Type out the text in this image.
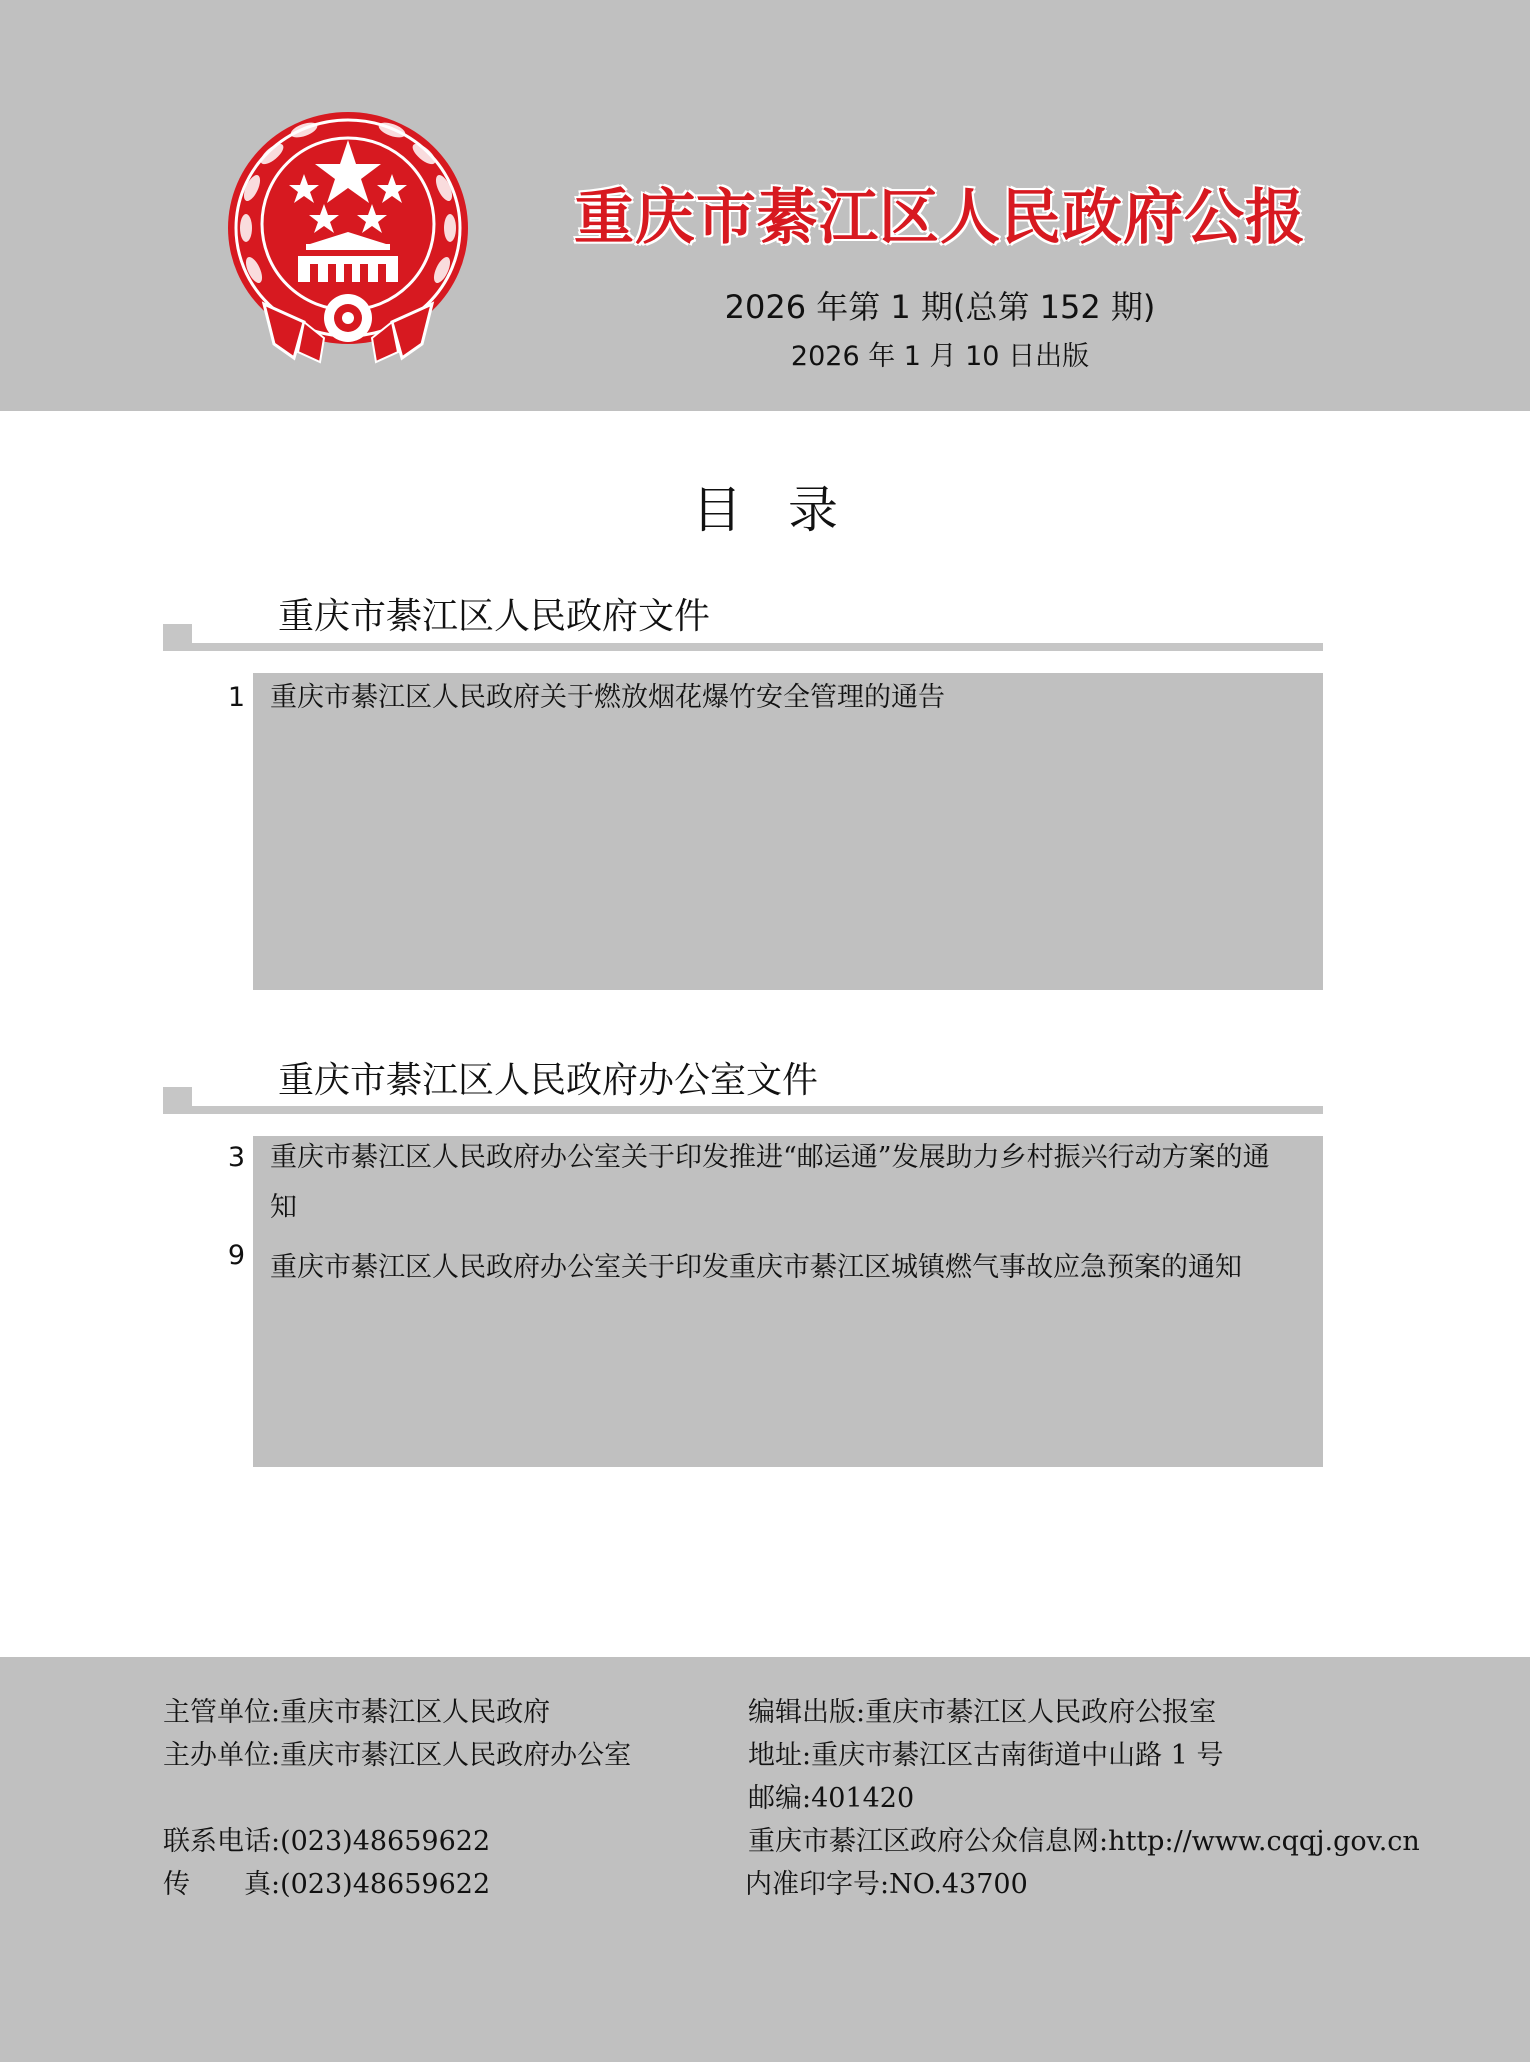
重庆市綦江区人民政府公报
2026 年第 1 期(总第 152 期)
2026 年 1 月 10 日出版
目录
重庆市綦江区人民政府文件
1 重庆市綦江区人民政府关于燃放烟花爆竹安全管理的通告
重庆市綦江区人民政府办公室文件
3 重庆市綦江区人民政府办公室关于印发推进“邮运通”发展助力乡村振兴行动方案的通知
9 重庆市綦江区人民政府办公室关于印发重庆市綦江区城镇燃气事故应急预案的通知
主管单位:重庆市綦江区人民政府
主办单位:重庆市綦江区人民政府办公室
联系电话:(023)48659622
传　　真:(023)48659622
编辑出版:重庆市綦江区人民政府公报室
地址:重庆市綦江区古南街道中山路 1 号
邮编:401420
重庆市綦江区政府公众信息网:http://www.cqqj.gov.cn
内准印字号:NO.43700
